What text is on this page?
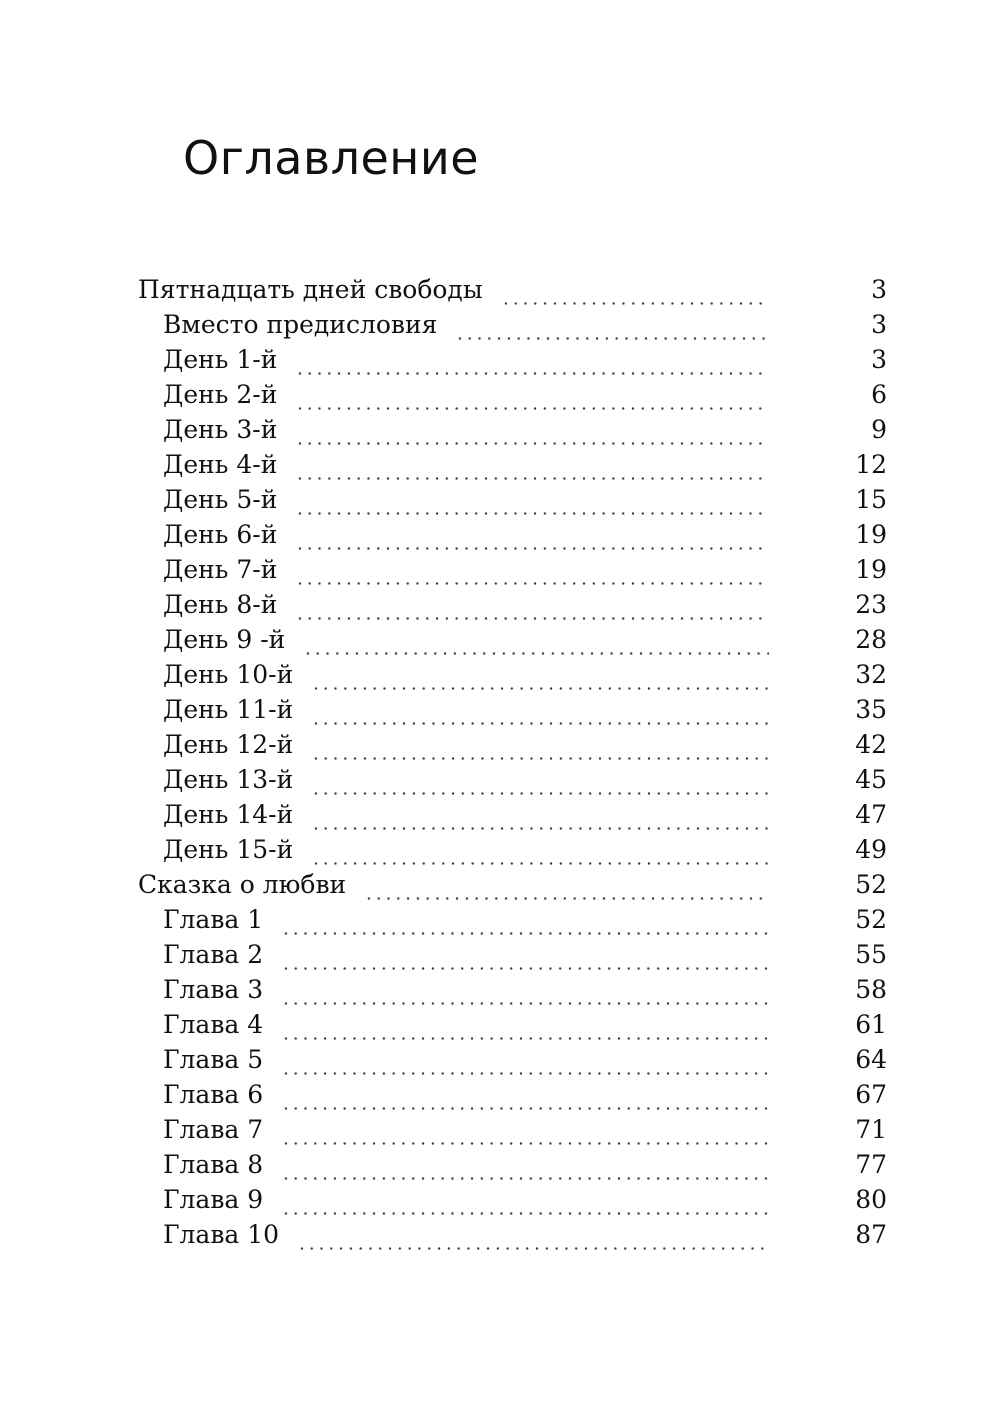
Оглавление
Пятнадцать дней свободы	3
Вместо предисловия	3
День 1-й	3
День 2-й	6
День 3-й	9
День 4-й	12
День 5-й	15
День 6-й	19
День 7-й	19
День 8-й	23
День 9 -й	28
День 10-й	32
День 11-й	35
День 12-й	42
День 13-й	45
День 14-й	47
День 15-й	49
Сказка о любви	52
Глава 1	52
Глава 2	55
Глава 3	58
Глава 4	61
Глава 5	64
Глава 6	67
Глава 7	71
Глава 8	77
Глава 9	80
Глава 10	87
